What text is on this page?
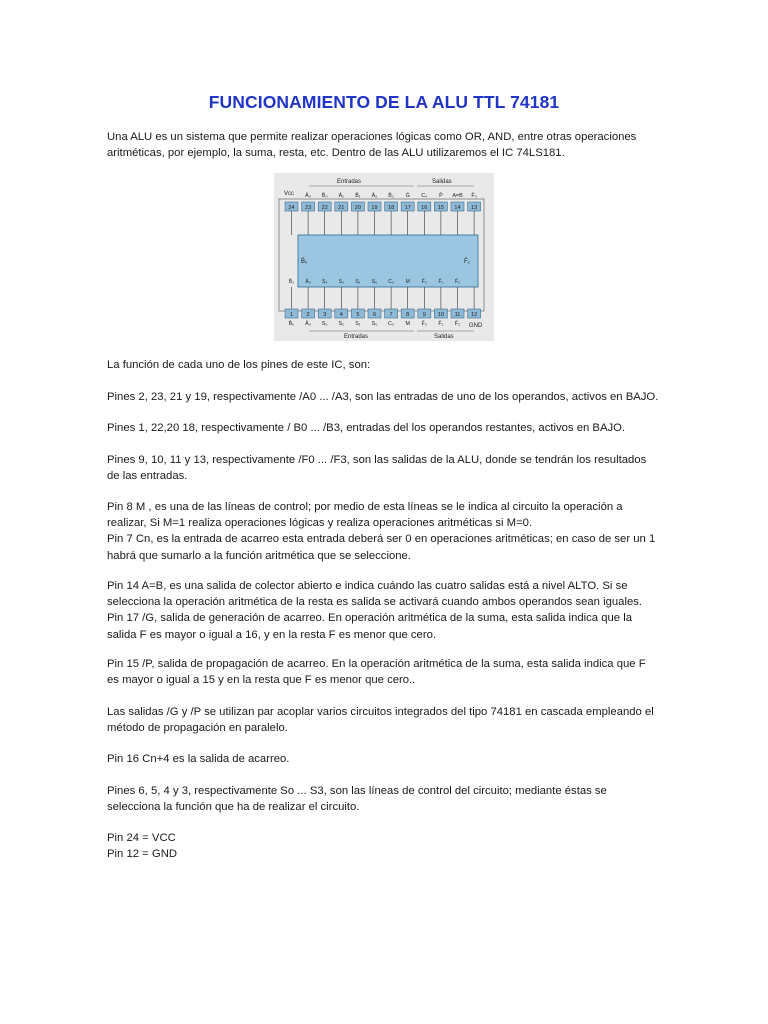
FUNCIONAMIENTO DE LA ALU TTL 74181
Una ALU es un sistema que permite realizar operaciones lógicas como OR, AND, entre otras operaciones
aritméticas, por ejemplo, la suma, resta, etc. Dentro de las ALU utilizaremos el IC 74LS181.
Entradas	Salidas
Vcc
GND
Ā₀ B̄₀ Ā₁ B̄₁ Ā₂ B̄₂ Ḡ C₄ P̄ A=B F̄₃
24 23 22 21 20 19 18 17 16 15 14 13
B̄₀	F̄₂
B̄₀ Ā₀ S₃ S₂ S₁ S₀ C₀ M F̄₀ F̄₁ F̄₂
1 2 3 4 5 6 7 8 9 10 11 12
B̄₀ Ā₀ S₃ S₂ S₁ S₀ C₀ M F̄₀ F̄₁ F̄₂
Entradas	Salidas
La función de cada uno de los pines de este IC, son:
Pines 2, 23, 21 y 19, respectivamente /A0 ... /A3, son las entradas de uno de los operandos, activos en BAJO.
Pines 1, 22,20 18, respectivamente / B0 ... /B3, entradas del los operandos restantes, activos en BAJO.
Pines 9, 10, 11 y 13, respectivamente /F0 ... /F3, son las salidas de la ALU, donde se tendrán los resultados
de las entradas.
Pin 8 M , es una de las líneas de control; por medio de esta líneas se le indica al circuito la operación a
realizar, Si M=1 realiza operaciones lógicas y realiza operaciones aritméticas si M=0.
Pin 7 Cn, es la entrada de acarreo esta entrada deberá ser 0 en operaciones aritméticas; en caso de ser un 1
habrá que sumarlo a la función aritmética que se seleccione.
Pin 14 A=B, es una salida de colector abierto e indica cuándo las cuatro salidas está a nivel ALTO. Si se
selecciona la operación aritmética de la resta es salida se activará cuando ambos operandos sean iguales.
Pin 17 /G, salida de generación de acarreo. En operación aritmética de la suma, esta salida indica que la
salida F es mayor o igual a 16, y en la resta F es menor que cero.
Pin 15 /P, salida de propagación de acarreo. En la operación aritmética de la suma, esta salida indica que F
es mayor o igual a 15 y en la resta que F es menor que cero..
Las salidas /G y /P se utilizan par acoplar varios circuitos integrados del tipo 74181 en cascada empleando el
método de propagación en paralelo.
Pin 16 Cn+4 es la salida de acarreo.
Pines 6, 5, 4 y 3, respectivamente So ... S3, son las líneas de control del circuito; mediante éstas se
selecciona la función que ha de realizar el circuito.
Pin 24 = VCC
Pin 12 = GND
